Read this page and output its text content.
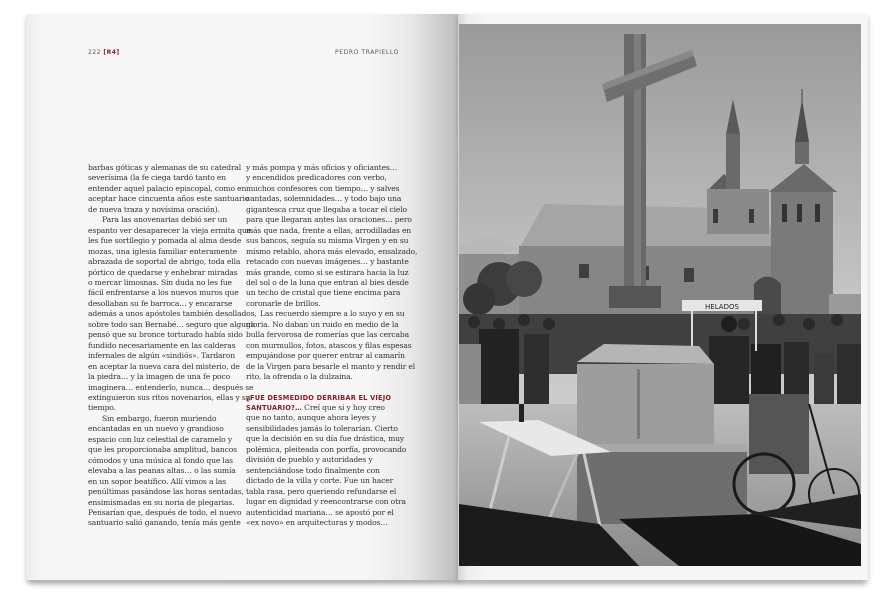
222 [R4]	PEDRO TRAPIELLO
barbas góticas y alemanas de su catedral
severísima (la fe ciega tardó tanto en
entender aquel palacio episcopal, como en
aceptar hace cincuenta años este santuario
de nueva traza y novísima oración).
Para las anovenarias debió ser un
espanto ver desaparecer la vieja ermita que
les fue sortilegio y pomada al alma desde
mozas, una iglesia familiar enteramente
abrazada de soportal de abrigo, toda ella
pórtico de quedarse y enhebrar miradas
o mercar limosnas. Sin duda no les fue
fácil enfrentarse a los nuevos muros que
desollaban su fe barroca… y encararse
además a unos apóstoles también desollados,
sobre todo san Bernabé… seguro que alguna
pensó que su bronce torturado había sido
fundido necesariamente en las calderas
infernales de algún «sindiós». Tardaron
en aceptar la nueva cara del misterio, de
la piedra… y la imagen de una fe poco
imaginera… entenderlo, nunca… después se
extinguieron sus ritos novenarios, ellas y su
tiempo.
Sin embargo, fueron muriendo
encantadas en un nuevo y grandioso
espacio con luz celestial de caramelo y
que les proporcionaba amplitud, bancos
cómodos y una música al fondo que las
elevaba a las peanas altas… o las sumía
en un sopor beatífico. Allí vimos a las
penúltimas pasándose las horas sentadas,
ensimismadas en su noria de plegarias.
Pensarían que, después de todo, el nuevo
santuario salió ganando, tenía más gente
y más pompa y más oficios y oficiantes…
y encendidos predicadores con verbo,
muchos confesores con tiempo… y salves
cantadas, solemnidades… y todo bajo una
gigantesca cruz que llegaba a tocar el cielo
para que llegaran antes las oraciones… pero
más que nada, frente a ellas, arrodilladas en
sus bancos, seguía su misma Virgen y en su
mismo retablo, ahora más elevado, ensalzado,
retacado con nuevas imágenes… y bastante
más grande, como si se estirara hacia la luz
del sol o de la luna que entran al bies desde
un techo de cristal que tiene encima para
coronarle de brillos.
Las recuerdo siempre a lo suyo y en su
gloria. No daban un ruido en medio de la
bulla fervorosa de romerías que las cercaba
con murmullos, fotos, atascos y filas espesas
empujándose por querer entrar al camarín
de la Virgen para besarle el manto y rendir el
rito, la ofrenda o la dulzaina.
¿FUE DESMEDIDO DERRIBAR EL VIEJO
SANTUARIO?… Creí que sí y hoy creo
que no tanto, aunque ahora leyes y
sensibilidades jamás lo tolerarían. Cierto
que la decisión en su día fue drástica, muy
polémica, pleiteada con porfía, provocando
división de pueblo y autoridades y
sentenciándose todo finalmente con
dictado de la villa y corte. Fue un hacer
tabla rasa, pero queriendo refundarse el
lugar en dignidad y reencontrarse con otra
autenticidad mariana… se apostó por el
«ex novo» en arquitecturas y modos…
HELADOS
